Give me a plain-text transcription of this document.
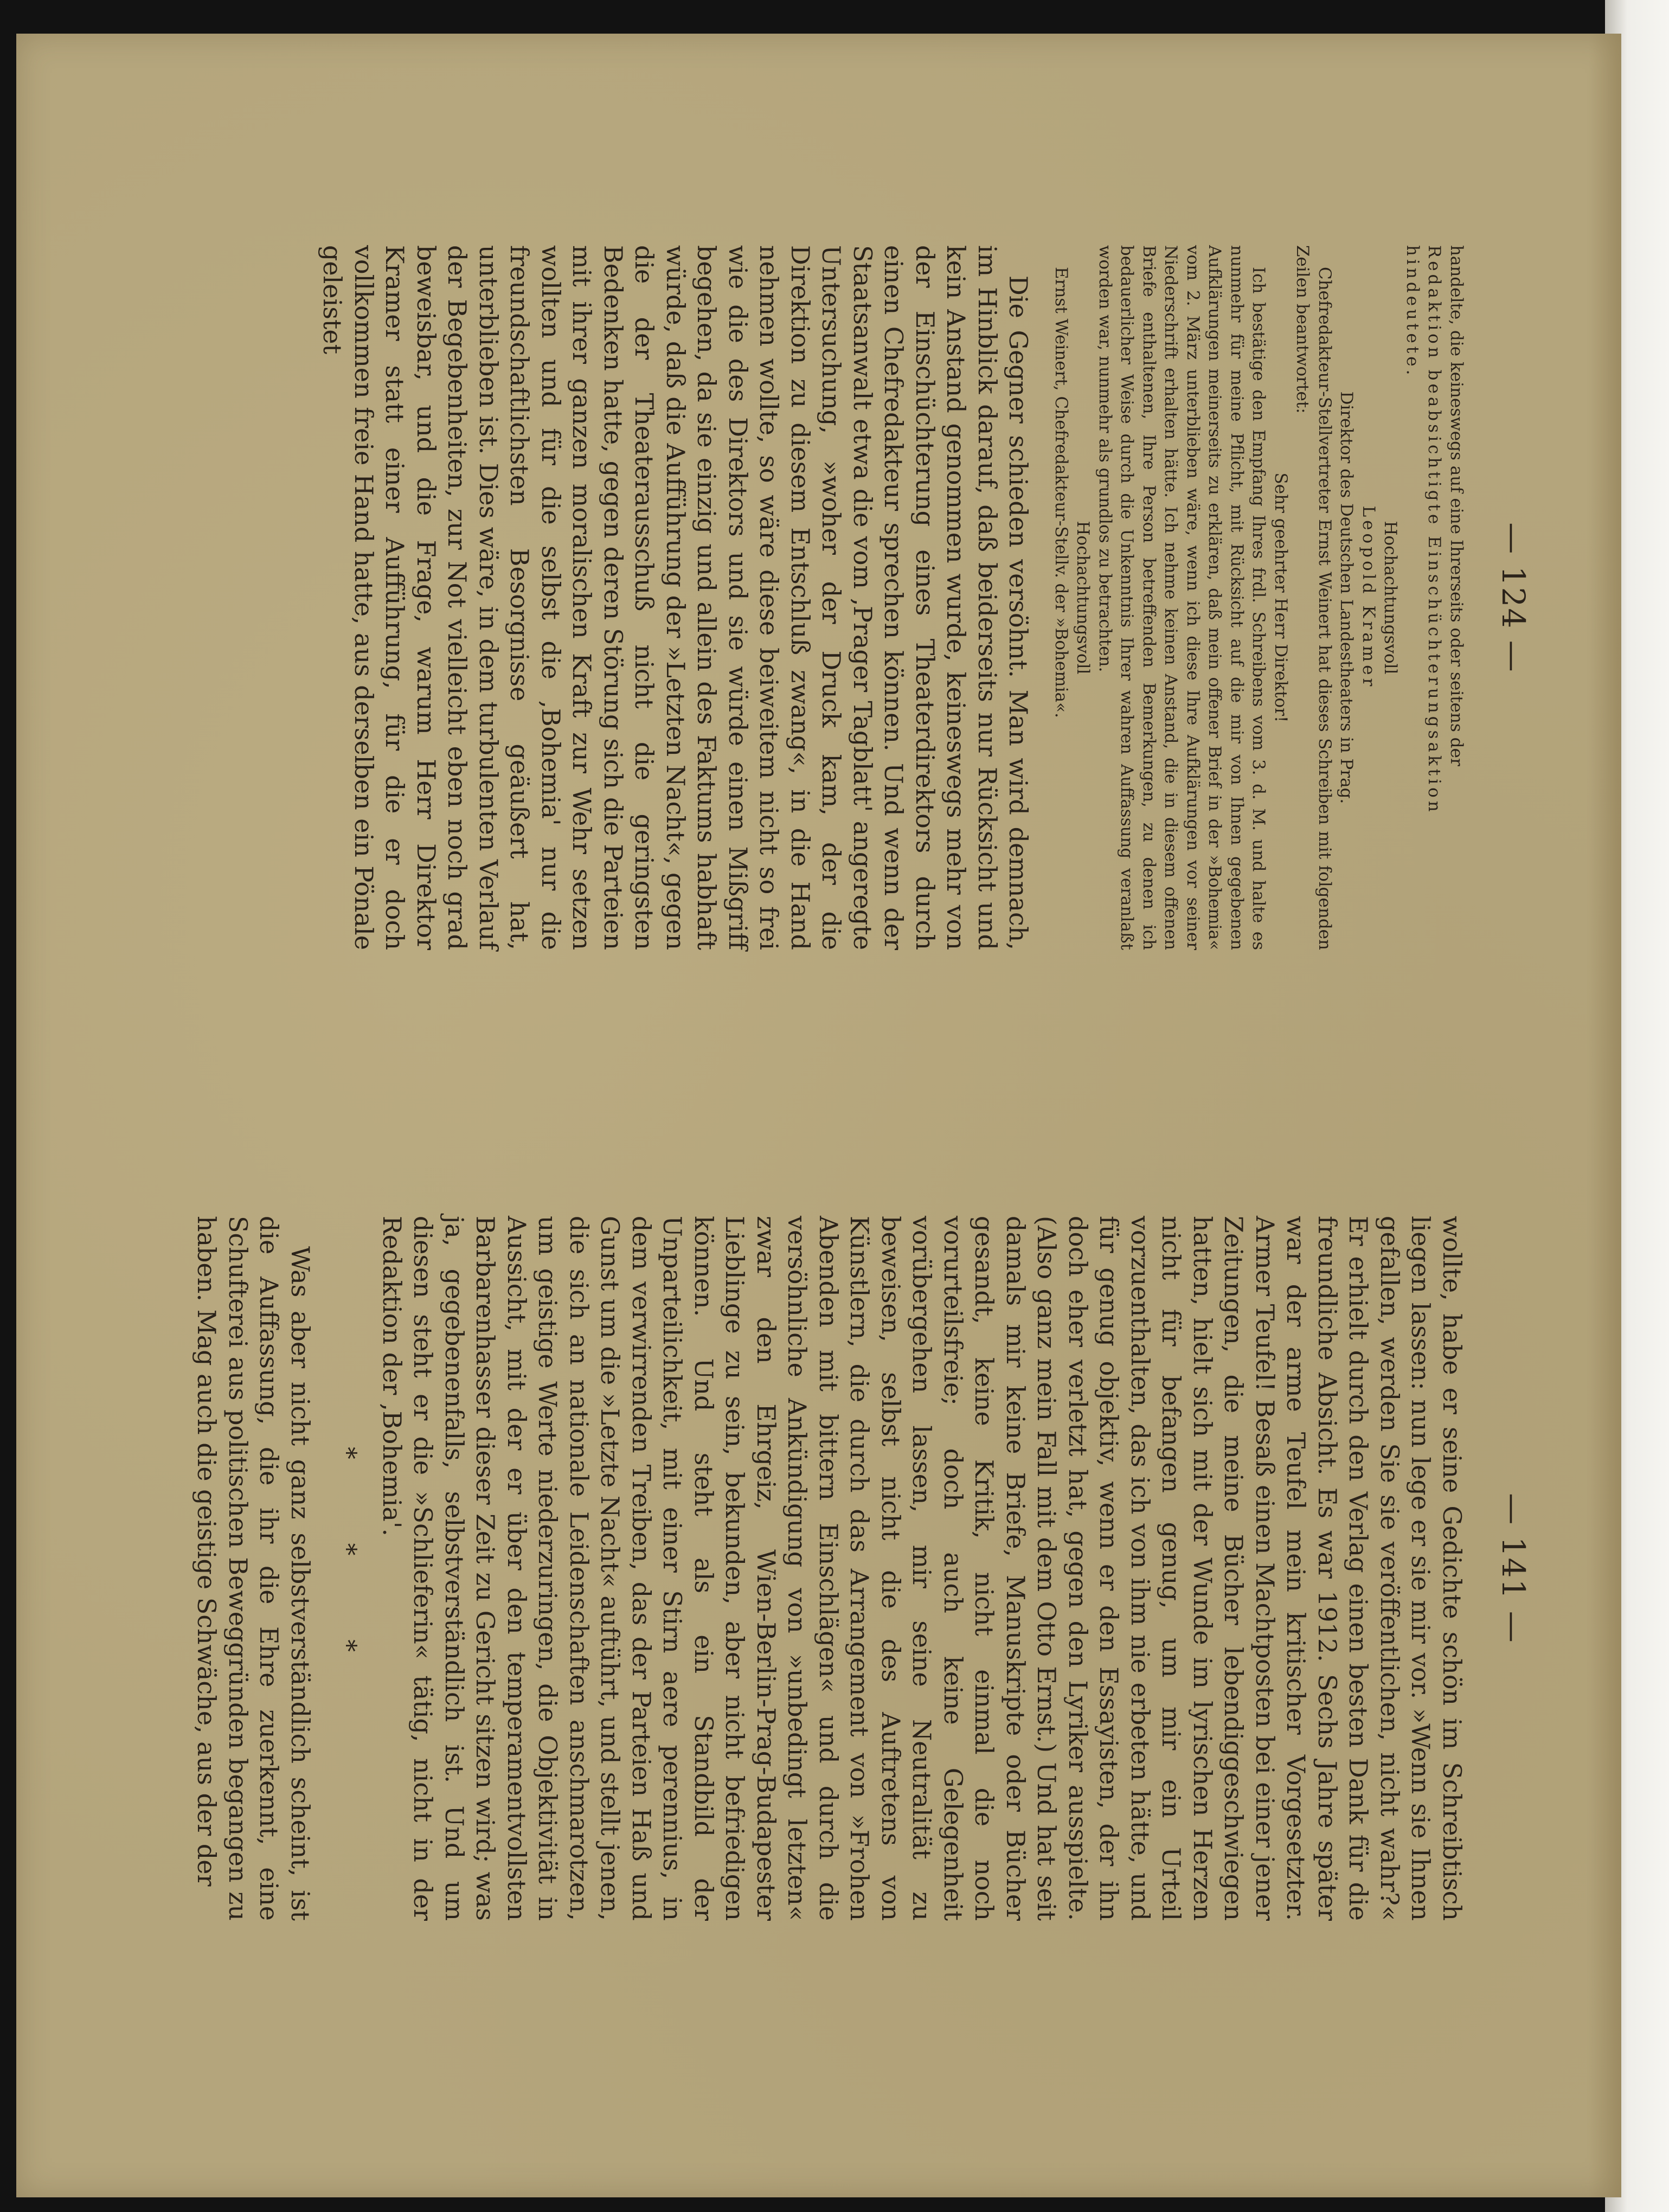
— 124 —

handelte, die keineswegs auf eine Ihrerseits oder seitens der

Redaktion beabsichtigte Einschüchterungsaktion

hindeutete.

Hochachtungsvoll

Leopold Kramer

Direktor des Deutschen Landestheaters in Prag.

Chefredakteur-Stellvertreter Ernst Weinert hat dieses Schreiben mit folgenden Zeilen beantwortet:

Sehr geehrter Herr Direktor!

Ich bestätige den Empfang Ihres frdl. Schreibens vom 3. d. M. und halte es nunmehr für meine Pflicht, mit Rücksicht auf die mir von Ihnen gegebenen Aufklärungen meinerseits zu erklären, daß mein offener Brief in der »Bohemia« vom 2. März unterblieben wäre, wenn ich diese Ihre Aufklärungen vor seiner Niederschrift erhalten hätte. Ich nehme keinen Anstand, die in diesem offenen Briefe enthaltenen, Ihre Person betreffenden Bemerkungen, zu denen ich bedauerlicher Weise durch die Unkenntnis Ihrer wahren Auffassung veranlaßt worden war, nunmehr als grundlos zu betrachten.

Hochachtungsvoll

Ernst Weinert, Chefredakteur-Stellv. der »Bohemia«.

Die Gegner schieden versöhnt. Man wird demnach, im Hinblick darauf, daß beiderseits nur Rücksicht und kein Anstand genommen wurde, keineswegs mehr von der Einschüchterung eines Theaterdirektors durch einen Chefredakteur sprechen können. Und wenn der Staatsanwalt etwa die vom ‚Prager Tagblatt' angeregte Untersuchung, »woher der Druck kam, der die Direktion zu diesem Entschluß zwang«, in die Hand nehmen wollte, so wäre diese beiweitem nicht so frei wie die des Direktors und sie würde einen Mißgriff begehen, da sie einzig und allein des Faktums habhaft würde, daß die Aufführung der »Letzten Nacht«, gegen die der Theaterausschuß nicht die geringsten Bedenken hatte, gegen deren Störung sich die Parteien mit ihrer ganzen moralischen Kraft zur Wehr setzen wollten und für die selbst die ‚Bohemia' nur die freundschaftlichsten Besorgnisse geäußert hat, unterblieben ist. Dies wäre, in dem turbulenten Verlauf der Begebenheiten, zur Not vielleicht eben noch grad beweisbar, und die Frage, warum Herr Direktor Kramer statt einer Aufführung, für die er doch vollkommen freie Hand hatte, aus derselben ein Pönale geleistet

— 141 —

wollte, habe er seine Gedichte schön im Schreibtisch liegen lassen: nun lege er sie mir vor. »Wenn sie Ihnen gefallen, werden Sie sie veröffentlichen, nicht wahr?« Er erhielt durch den Verlag einen besten Dank für die freundliche Absicht. Es war 1912. Sechs Jahre später war der arme Teufel mein kritischer Vorgesetzter. Armer Teufel! Besaß einen Machtposten bei einer jener Zeitungen, die meine Bücher lebendiggeschwiegen hatten, hielt sich mit der Wunde im lyrischen Herzen nicht für befangen genug, um mir ein Urteil vorzuenthalten, das ich von ihm nie erbeten hätte, und für genug objektiv, wenn er den Essayisten, der ihn doch eher verletzt hat, gegen den Lyriker ausspielte. (Also ganz mein Fall mit dem Otto Ernst.) Und hat seit damals mir keine Briefe, Manuskripte oder Bücher gesandt, keine Kritik, nicht einmal die noch vorurteilsfreie; doch auch keine Gelegenheit vorübergehen lassen, mir seine Neutralität zu beweisen, selbst nicht die des Auftretens von Künstlern, die durch das Arrangement von »Frohen Abenden mit bittern Einschlägen« und durch die versöhnliche Ankündigung von »unbedingt letzten« zwar den Ehrgeiz, Wien-Berlin-Prag-Budapester Lieblinge zu sein, bekunden, aber nicht befriedigen können. Und steht als ein Standbild der Unparteilichkeit, mit einer Stirn aere perennius, in dem verwirrenden Treiben, das der Parteien Haß und Gunst um die »Letzte Nacht« auftührt, und stellt jenen, die sich an nationale Leidenschaften anschmarotzen, um geistige Werte niederzuringen, die Objektivität in Aussicht, mit der er über den temperamentvollsten Barbarenhasser dieser Zeit zu Gericht sitzen wird; was ja, gegebenenfalls, selbstverständlich ist. Und um diesen steht er die »Schlieferin« tätig, nicht in der Redaktion der ‚Bohemia'.

* * *

Was aber nicht ganz selbstverständlich scheint, ist die Auffassung, die ihr die Ehre zuerkennt, eine Schufterei aus politischen Beweggründen begangen zu haben. Mag auch die geistige Schwäche, aus der der
